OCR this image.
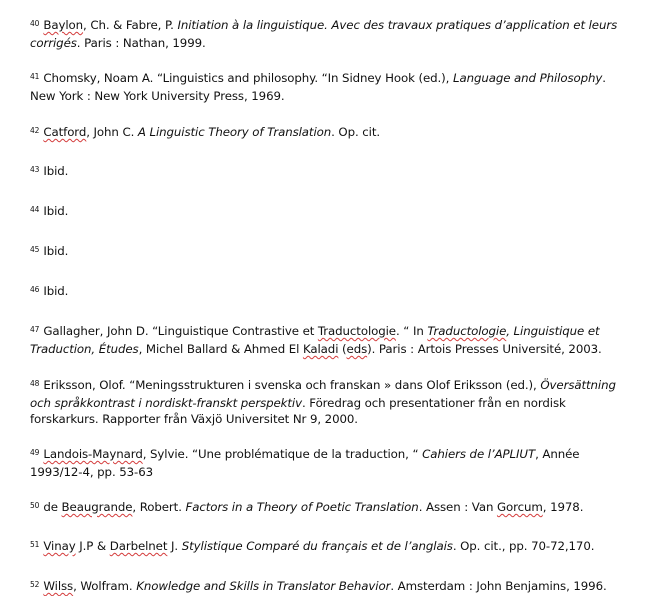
$^{40}$ Baylon, Ch. & Fabre, P. Initiation à la linguistique. Avec des travaux pratiques d’application et leurs corrigés. Paris : Nathan, 1999.

$^{41}$ Chomsky, Noam A. “Linguistics and philosophy. “In Sidney Hook (ed.), Language and Philosophy. New York : New York University Press, 1969.

$^{42}$ Catford, John C. A Linguistic Theory of Translation. Op. cit.

$^{43}$ Ibid.

$^{44}$ Ibid.

$^{45}$ Ibid.

$^{46}$ Ibid.

$^{47}$ Gallagher, John D. “Linguistique Contrastive et Traductologie. “ In Traductologie, Linguistique et Traduction, Études, Michel Ballard & Ahmed El Kaladi (eds). Paris : Artois Presses Université, 2003.

$^{48}$ Eriksson, Olof. “Meningsstrukturen i svenska och franskan » dans Olof Eriksson (ed.), Översättning och språkkontrast i nordiskt-franskt perspektiv. Föredrag och presentationer från en nordisk forskarkurs. Rapporter från Växjö Universitet Nr 9, 2000.

$^{49}$ Landois-Maynard, Sylvie. “Une problématique de la traduction, “ Cahiers de l’APLIUT, Année 1993/12-4, pp. 53-63

$^{50}$ de Beaugrande, Robert. Factors in a Theory of Poetic Translation. Assen : Van Gorcum, 1978.

$^{51}$ Vinay J.P & Darbelnet J. Stylistique Comparé du français et de l’anglais. Op. cit., pp. 70-72,170.

$^{52}$ Wilss, Wolfram. Knowledge and Skills in Translator Behavior. Amsterdam : John Benjamins, 1996.
